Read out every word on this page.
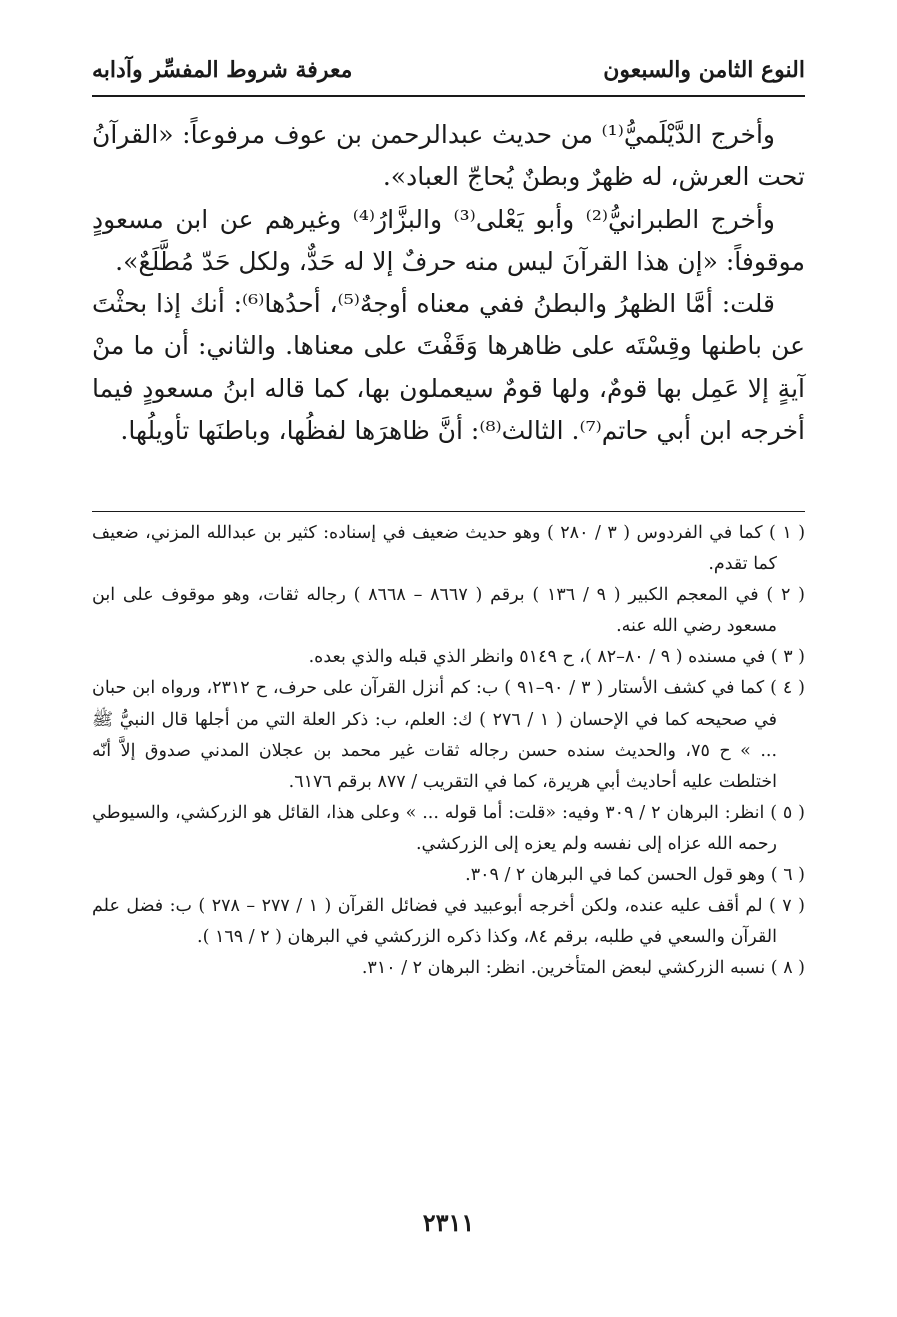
النوع الثامن والسبعون
معرفة شروط المفسِّر وآدابه

وأخرج الدَّيْلَميُّ⁽¹⁾ من حديث عبدالرحمن بن عوف مرفوعاً: «القرآنُ تحت العرش، له ظهرٌ وبطنٌ يُحاجّ العباد».

وأخرج الطبرانيُّ⁽²⁾ وأبو يَعْلى⁽³⁾ والبزَّارُ⁽⁴⁾ وغيرهم عن ابن مسعودٍ موقوفاً: «إن هذا القرآنَ ليس منه حرفٌ إلا له حَدٌّ، ولكل حَدّ مُطَّلَعٌ».

قلت: أمَّا الظهرُ والبطنُ ففي معناه أوجهٌ⁽⁵⁾، أحدُها⁽⁶⁾: أنك إذا بحثْتَ عن باطنها وقِسْتَه على ظاهرها وَقَفْتَ على معناها. والثاني: أن ما منْ آيةٍ إلا عَمِل بها قومٌ، ولها قومٌ سيعملون بها، كما قاله ابنُ مسعودٍ فيما أخرجه ابن أبي حاتم⁽⁷⁾. الثالث⁽⁸⁾: أنَّ ظاهرَها لفظُها، وباطنَها تأويلُها.

( ١ ) كما في الفردوس ( ٣ / ٢٨٠ ) وهو حديث ضعيف في إسناده: كثير بن عبدالله المزني، ضعيف كما تقدم.

( ٢ ) في المعجم الكبير ( ٩ / ١٣٦ ) برقم ( ٨٦٦٧ – ٨٦٦٨ ) رجاله ثقات، وهو موقوف على ابن مسعود رضي الله عنه.

( ٣ ) في مسنده ( ٩ / ٨٠–٨٢ )، ح ٥١٤٩ وانظر الذي قبله والذي بعده.

( ٤ ) كما في كشف الأستار ( ٣ / ٩٠–٩١ ) ب: كم أنزل القرآن على حرف، ح ٢٣١٢، ورواه ابن حبان في صحيحه كما في الإحسان ( ١ / ٢٧٦ ) ك: العلم، ب: ذكر العلة التي من أجلها قال النبيُّ ﷺ ... » ح ٧٥، والحديث سنده حسن رجاله ثقات غير محمد بن عجلان المدني صدوق إلاَّ أنّه اختلطت عليه أحاديث أبي هريرة، كما في التقريب / ٨٧٧ برقم ٦١٧٦.

( ٥ ) انظر: البرهان ٢ / ٣٠٩ وفيه: «قلت: أما قوله ... » وعلى هذا، القائل هو الزركشي، والسيوطي رحمه الله عزاه إلى نفسه ولم يعزه إلى الزركشي.

( ٦ ) وهو قول الحسن كما في البرهان ٢ / ٣٠٩.

( ٧ ) لم أقف عليه عنده، ولكن أخرجه أبوعبيد في فضائل القرآن ( ١ / ٢٧٧ – ٢٧٨ ) ب: فضل علم القرآن والسعي في طلبه، برقم ٨٤، وكذا ذكره الزركشي في البرهان ( ٢ / ١٦٩ ).

( ٨ ) نسبه الزركشي لبعض المتأخرين. انظر: البرهان ٢ / ٣١٠.

٢٣١١
